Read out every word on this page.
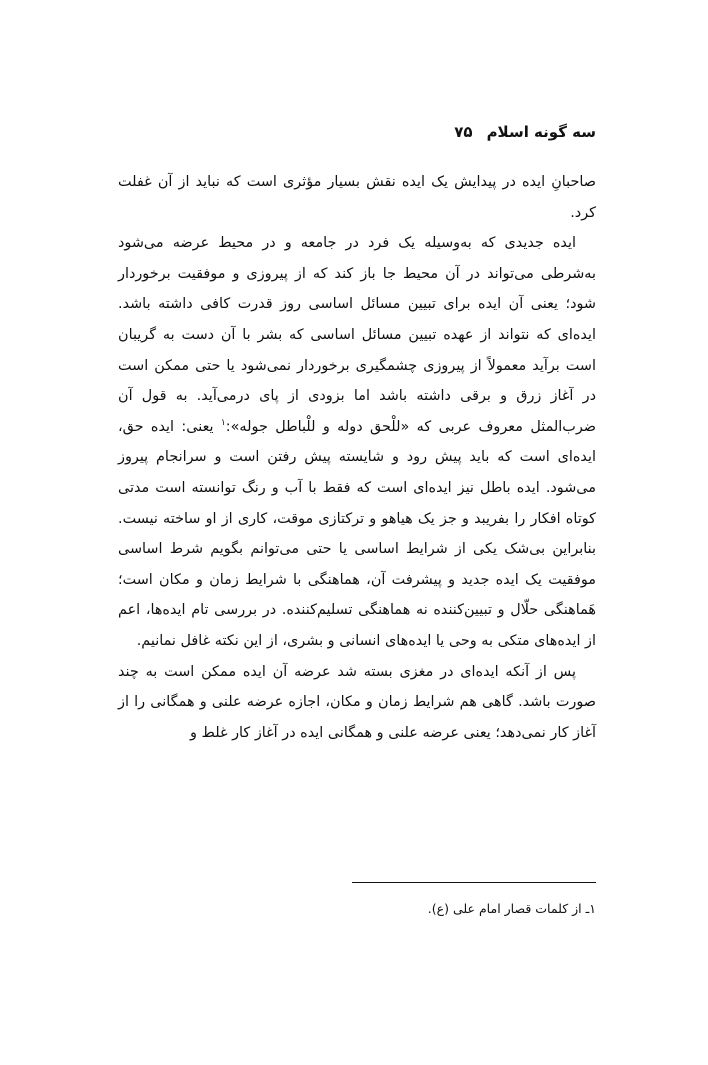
سه گونه اسلام
۷۵

صاحبانِ ایده در پیدایش یک ایده نقش بسیار مؤثری است که نباید از آن غفلت کرد.

ایده جدیدی که به‌وسیله یک فرد در جامعه و در محیط عرضه می‌شود به‌شرطی می‌تواند در آن محیط جا باز کند که از پیروزی و موفقیت برخوردار شود؛ یعنی آن ایده برای تبیین مسائل اساسی روز قدرت کافی داشته باشد. ایده‌ای که نتواند از عهده تبیین مسائل اساسی که بشر با آن دست به گریبان است برآید معمولاً از پیروزی چشمگیری برخوردار نمی‌شود یا حتی ممکن است در آغاز زرق و برقی داشته باشد اما بزودی از پای درمی‌آید. به قول آن ضرب‌المثل معروف عربی که «للْحق دوله و للْباطل جوله»:$^۱$ یعنی: ایده حق، ایده‌ای است که باید پیش رود و شایسته پیش رفتن است و سرانجام پیروز می‌شود. ایده باطل نیز ایده‌ای است که فقط با آب و رنگ توانسته است مدتی کوتاه افکار را بفریبد و جز یک هیاهو و ترکتازی موقت، کاری از او ساخته نیست. بنابراین بی‌شک یکی از شرایط اساسی یا حتی می‌توانم بگویم شرط اساسی موفقیت یک ایده جدید و پیشرفت آن، هماهنگی با شرایط زمان و مکان است؛ هَماهنگی حلّال و تبیین‌کننده نه هماهنگی تسلیم‌کننده. در بررسی تام ایده‌ها، اعم از ایده‌های متکی به وحی یا ایده‌های انسانی و بشری، از این نکته غافل نمانیم.

پس از آنکه ایده‌ای در مغزی بسته شد عرضه آن ایده ممکن است به چند صورت باشد. گاهی هم شرایط زمان و مکان، اجازه عرضه علنی و همگانی را از آغاز کار نمی‌دهد؛ یعنی عرضه علنی و همگانی ایده در آغاز کار غلط و

۱ـ از کلمات قصار امام علی (ع).
